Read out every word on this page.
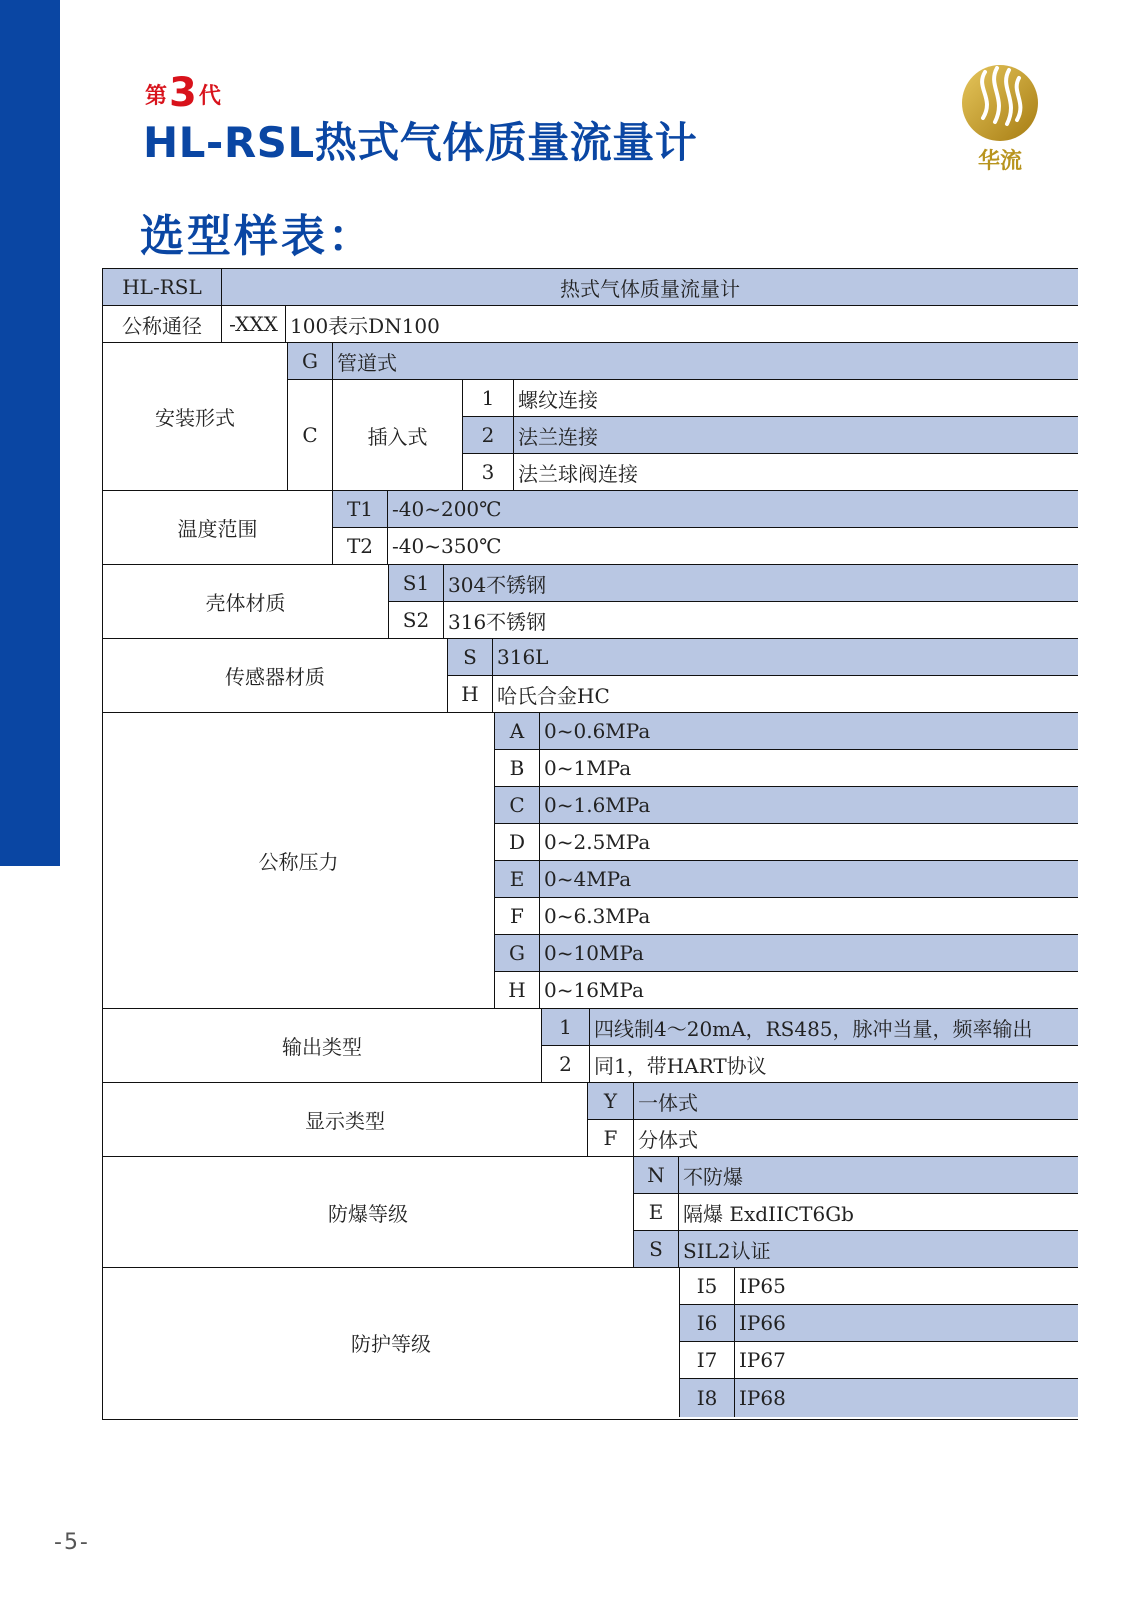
第3代
HL-RSL热式气体质量流量计	华流
选型样表：
HL-RSL	热式气体质量流量计
公称通径	-XXX 100表示DN100
安装形式
G 管道式
C	插入式
1	螺纹连接
2	法兰连接
3	法兰球阀连接
温度范围
T1 -40~200℃
T2 -40~350℃
壳体材质
S1 304不锈钢
S2 316不锈钢
传感器材质
S	316L
H 哈氏合金HC
公称压力
A 0~0.6MPa
B 0~1MPa
C 0~1.6MPa
D 0~2.5MPa
E 0~4MPa
F	0~6.3MPa
G 0~10MPa
H 0~16MPa
输出类型
1	四线制4～20mA，RS485，脉冲当量，频率输出
2	同1，带HART协议
显示类型
Y	一体式
F	分体式
防爆等级
N 不防爆
E 隔爆 ExdIICT6Gb
S	SIL2认证
防护等级
I5	IP65
I6	IP66
I7	IP67
I8	IP68
-5-
